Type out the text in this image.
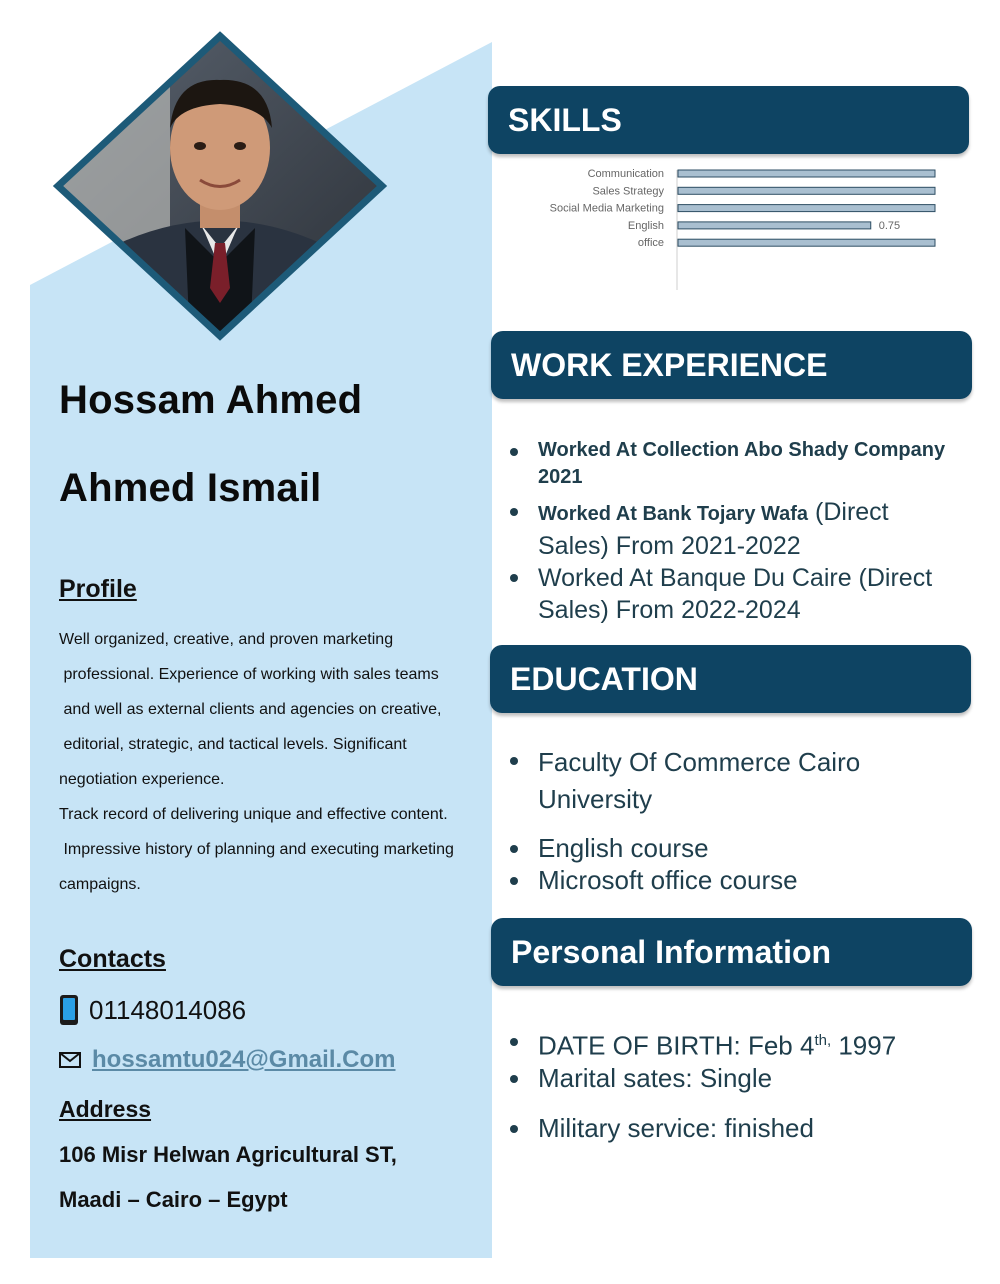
Hossam Ahmed
Ahmed Ismail
Profile

Well organized, creative, and proven marketing

professional. Experience of working with sales teams

and well as external clients and agencies on creative,

editorial, strategic, and tactical levels. Significant

negotiation experience.

Track record of delivering unique and effective content.

Impressive history of planning and executing marketing

campaigns.

Contacts
01148014086
hossamtu024@Gmail.Com
Address
106 Misr Helwan Agricultural ST,
Maadi – Cairo – Egypt
SKILLS
Communication
Sales Strategy
Social Media Marketing
English	0.75
office
WORK EXPERIENCE
Worked At Collection Abo Shady Company 2021
Worked At Bank Tojary Wafa (Direct Sales) From 2021-2022
Worked At Banque Du Caire (Direct Sales) From 2022-2024
EDUCATION
Faculty Of Commerce Cairo University
English course
Microsoft office course
Personal Information
DATE OF BIRTH: Feb $4^{th,}$ 1997
Marital sates: Single
Military service: finished
